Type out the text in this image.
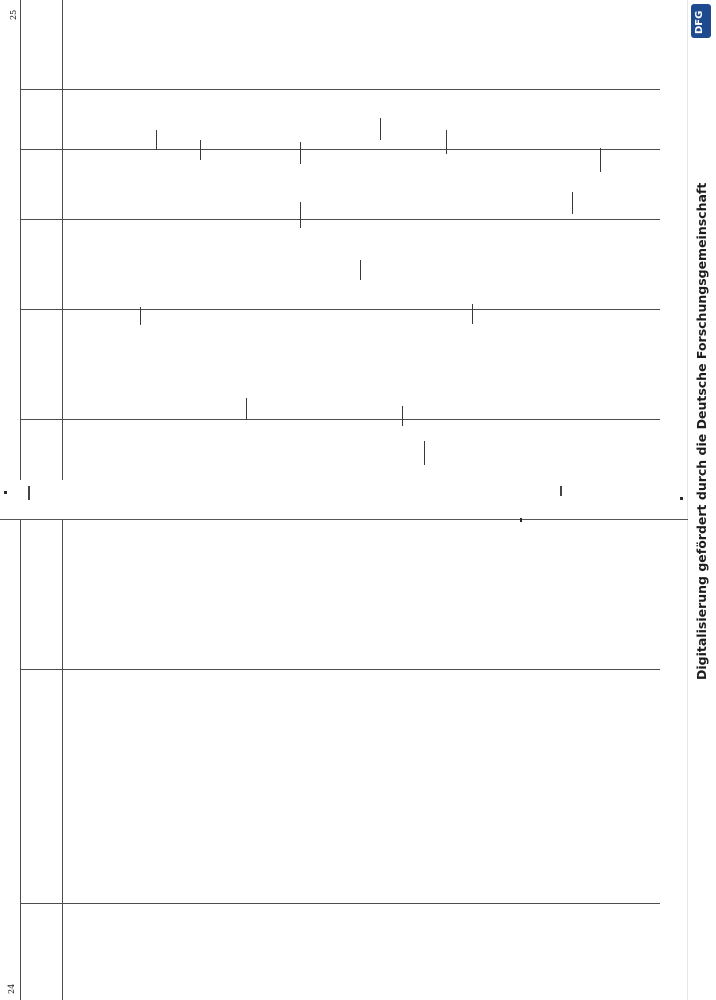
DFG
Digitalisierung gefördert durch die Deutsche Forschungsgemeinschaft
24
25
